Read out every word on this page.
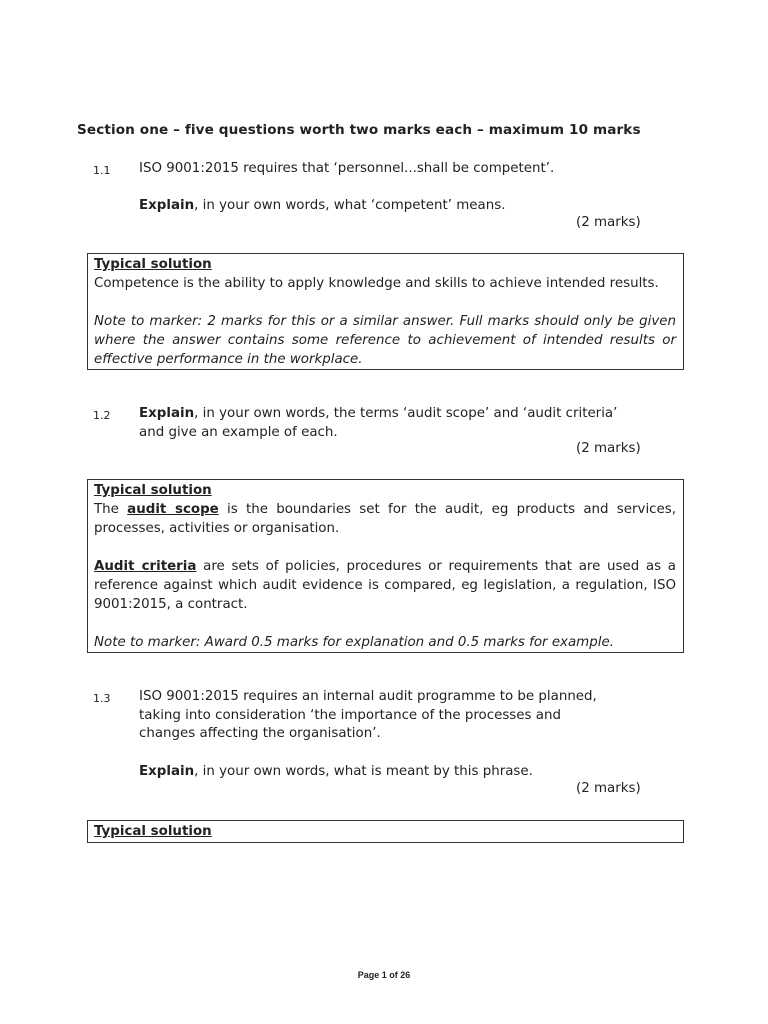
Section one – five questions worth two marks each – maximum 10 marks
1.1 ISO 9001:2015 requires that ‘personnel...shall be competent’.
Explain, in your own words, what ‘competent’ means.
(2 marks)
Typical solution

Competence is the ability to apply knowledge and skills to achieve intended results.

Note to marker: 2 marks for this or a similar answer. Full marks should only be given where the answer contains some reference to achievement of intended results or effective performance in the workplace.

1.2 Explain, in your own words, the terms ‘audit scope’ and ‘audit criteria’
and give an example of each.
(2 marks)
Typical solution

The audit scope is the boundaries set for the audit, eg products and services, processes, activities or organisation.

Audit criteria are sets of policies, procedures or requirements that are used as a reference against which audit evidence is compared, eg legislation, a regulation, ISO 9001:2015, a contract.

Note to marker: Award 0.5 marks for explanation and 0.5 marks for example.

1.3 ISO 9001:2015 requires an internal audit programme to be planned,
taking into consideration ‘the importance of the processes and
changes affecting the organisation’.
Explain, in your own words, what is meant by this phrase.
(2 marks)
Typical solution
Page 1 of 26
